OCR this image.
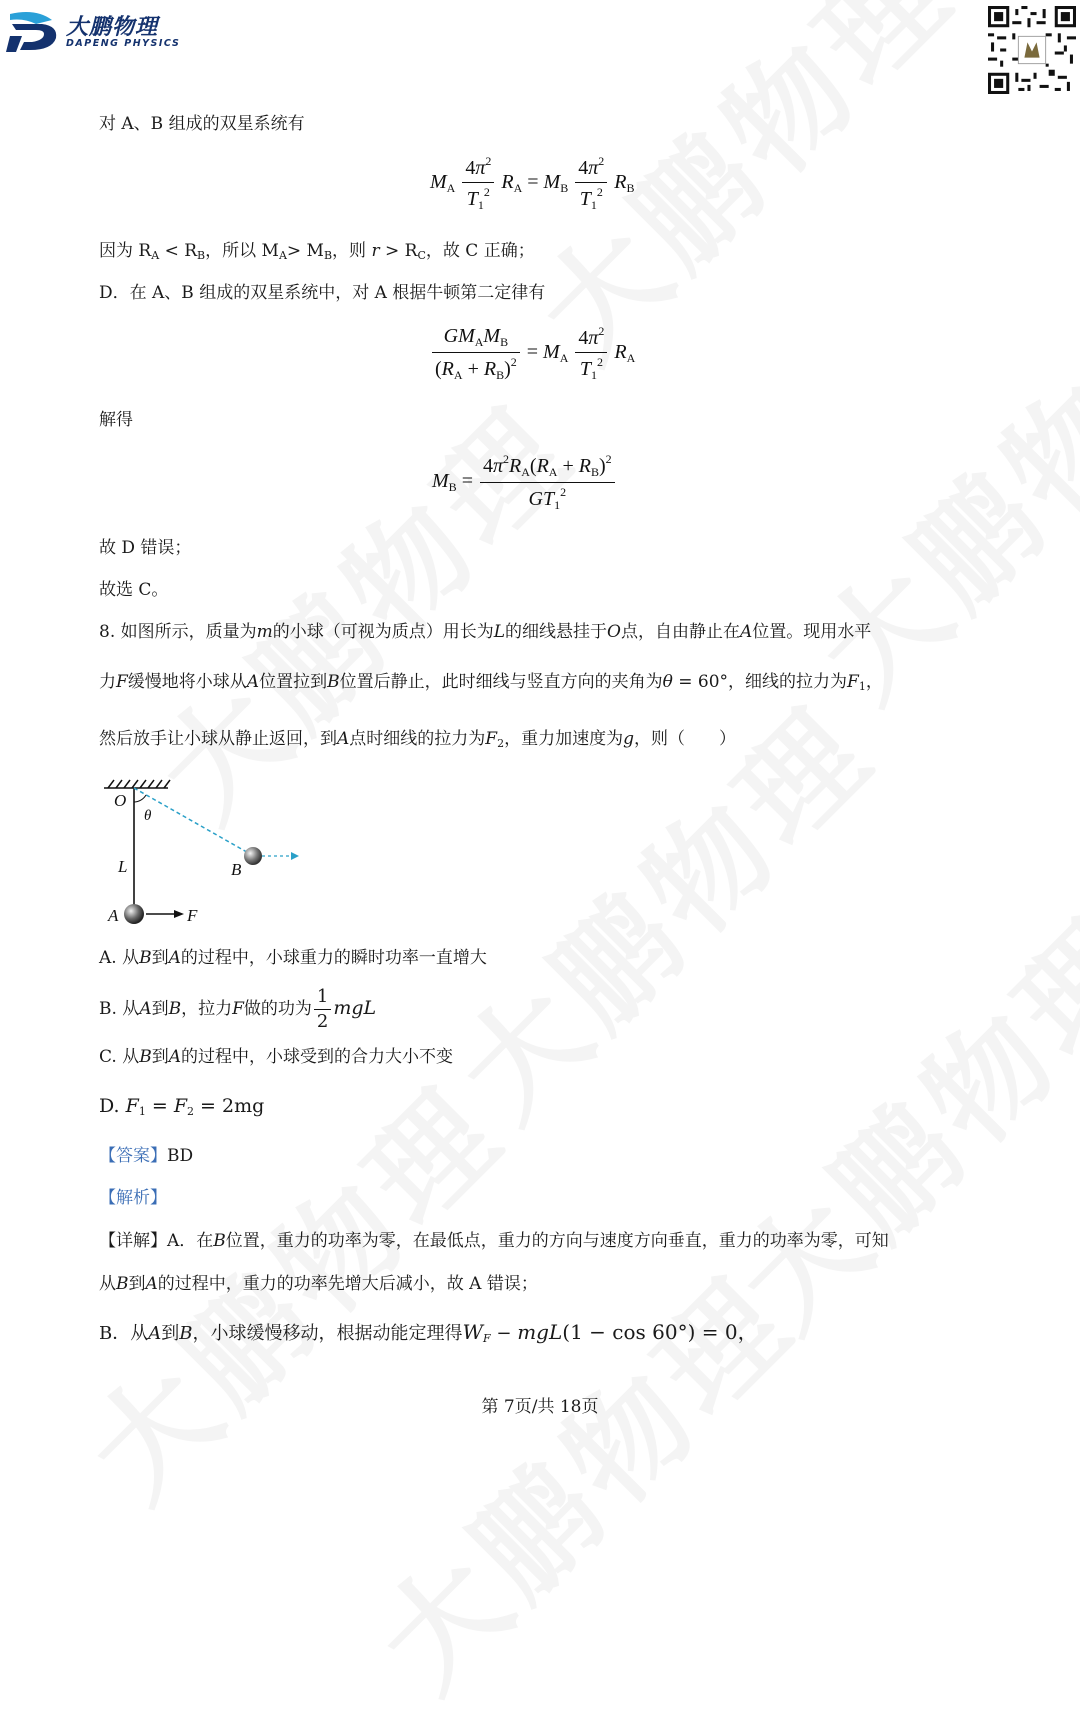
大鹏物理
DAPENG PHYSICS
对 A、B 组成的双星系统有
$M_A \frac{4\pi^2}{T_1^2} R_A = M_B \frac{4\pi^2}{T_1^2} R_B$
因为 $R_A < R_B$，所以 $M_A> M_B$，则 $r > R_C$，故 C 正确；
D．在 A、B 组成的双星系统中，对 A 根据牛顿第二定律有
$\frac{GM_AM_B}{(R_A + R_B)^2} = M_A \frac{4\pi^2}{T_1^2} R_A$
解得
$M_B = \frac{4\pi^2R_A(R_A + R_B)^2}{GT_1^2}$
故 D 错误；
故选 C。
8. 如图所示，质量为m的小球（可视为质点）用长为L的细线悬挂于O点，自由静止在A位置。现用水平
力F缓慢地将小球从A位置拉到B位置后静止，此时细线与竖直方向的夹角为θ = 60°，细线的拉力为$F_1$，
然后放手让小球从静止返回，到A点时细线的拉力为$F_2$，重力加速度为g，则（　　）
O
θ
L	B
A	F
A. 从B到A的过程中，小球重力的瞬时功率一直增大
B. 从A到B，拉力F做的功为 $\frac{1}{2}$ mgL
C. 从B到A的过程中，小球受到的合力大小不变
D. $F_1 = F_2 = 2mg$
【答案】BD
【解析】
【详解】A．在B位置，重力的功率为零，在最低点，重力的方向与速度方向垂直，重力的功率为零，可知
从B到A的过程中，重力的功率先增大后减小，故 A 错误；
B．从A到B，小球缓慢移动，根据动能定理得$W_F - mgL(1 - \cos 60^\circ) = 0$，
第 7页/共 18页
